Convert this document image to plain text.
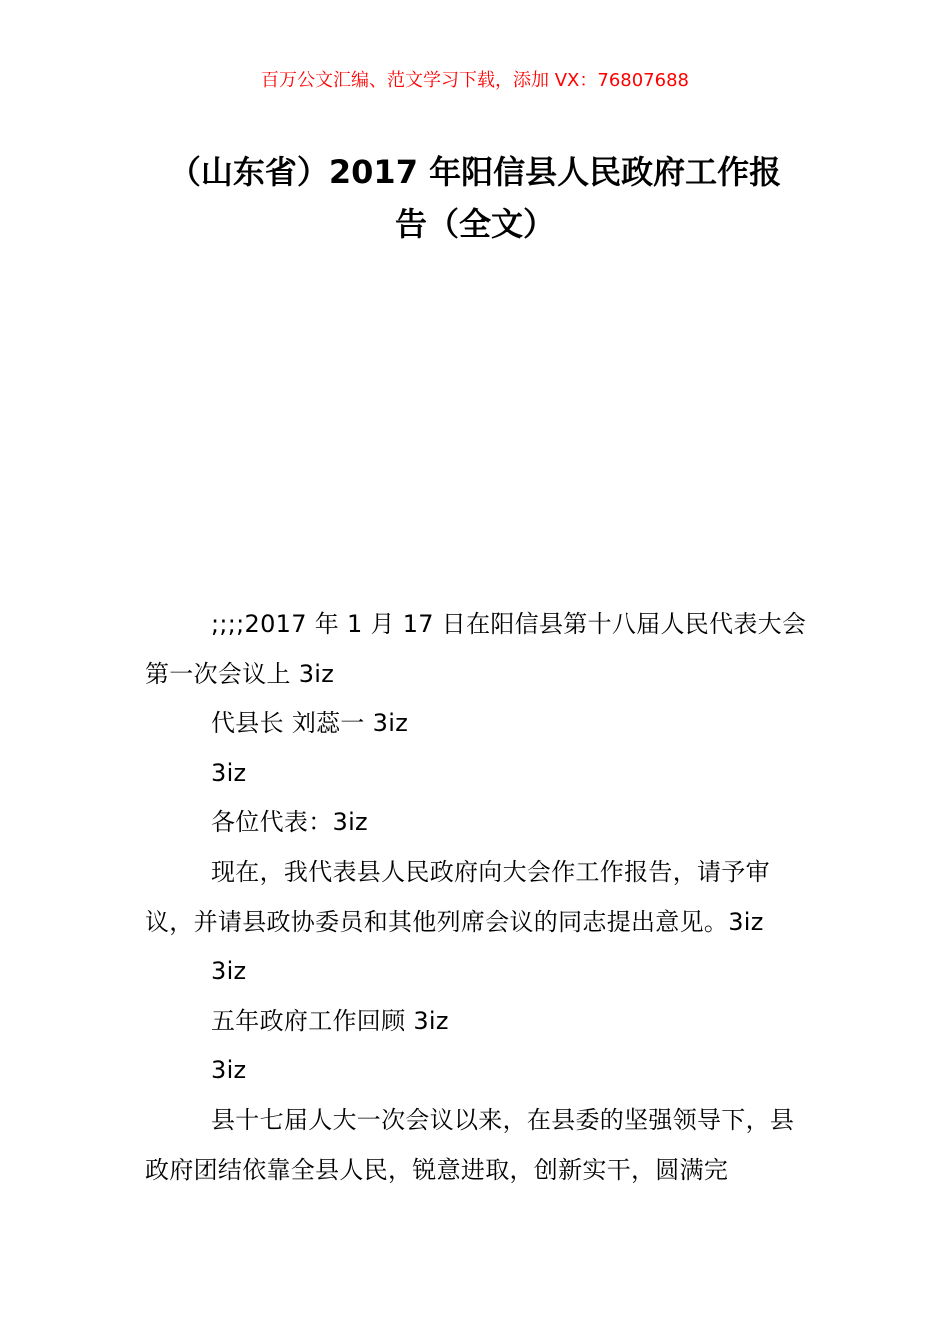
百万公文汇编、范文学习下载，添加 VX：76807688
（山东省）2017 年阳信县人民政府工作报
告（全文）

;;;;2017 年 1 月 17 日在阳信县第十八届人民代表大会第一次会议上 3iz

代县长 刘蕊一 3iz

3iz

各位代表：3iz

现在，我代表县人民政府向大会作工作报告，请予审议，并请县政协委员和其他列席会议的同志提出意见。3iz

3iz

五年政府工作回顾 3iz

3iz

县十七届人大一次会议以来，在县委的坚强领导下，县政府团结依靠全县人民，锐意进取，创新实干，圆满完
